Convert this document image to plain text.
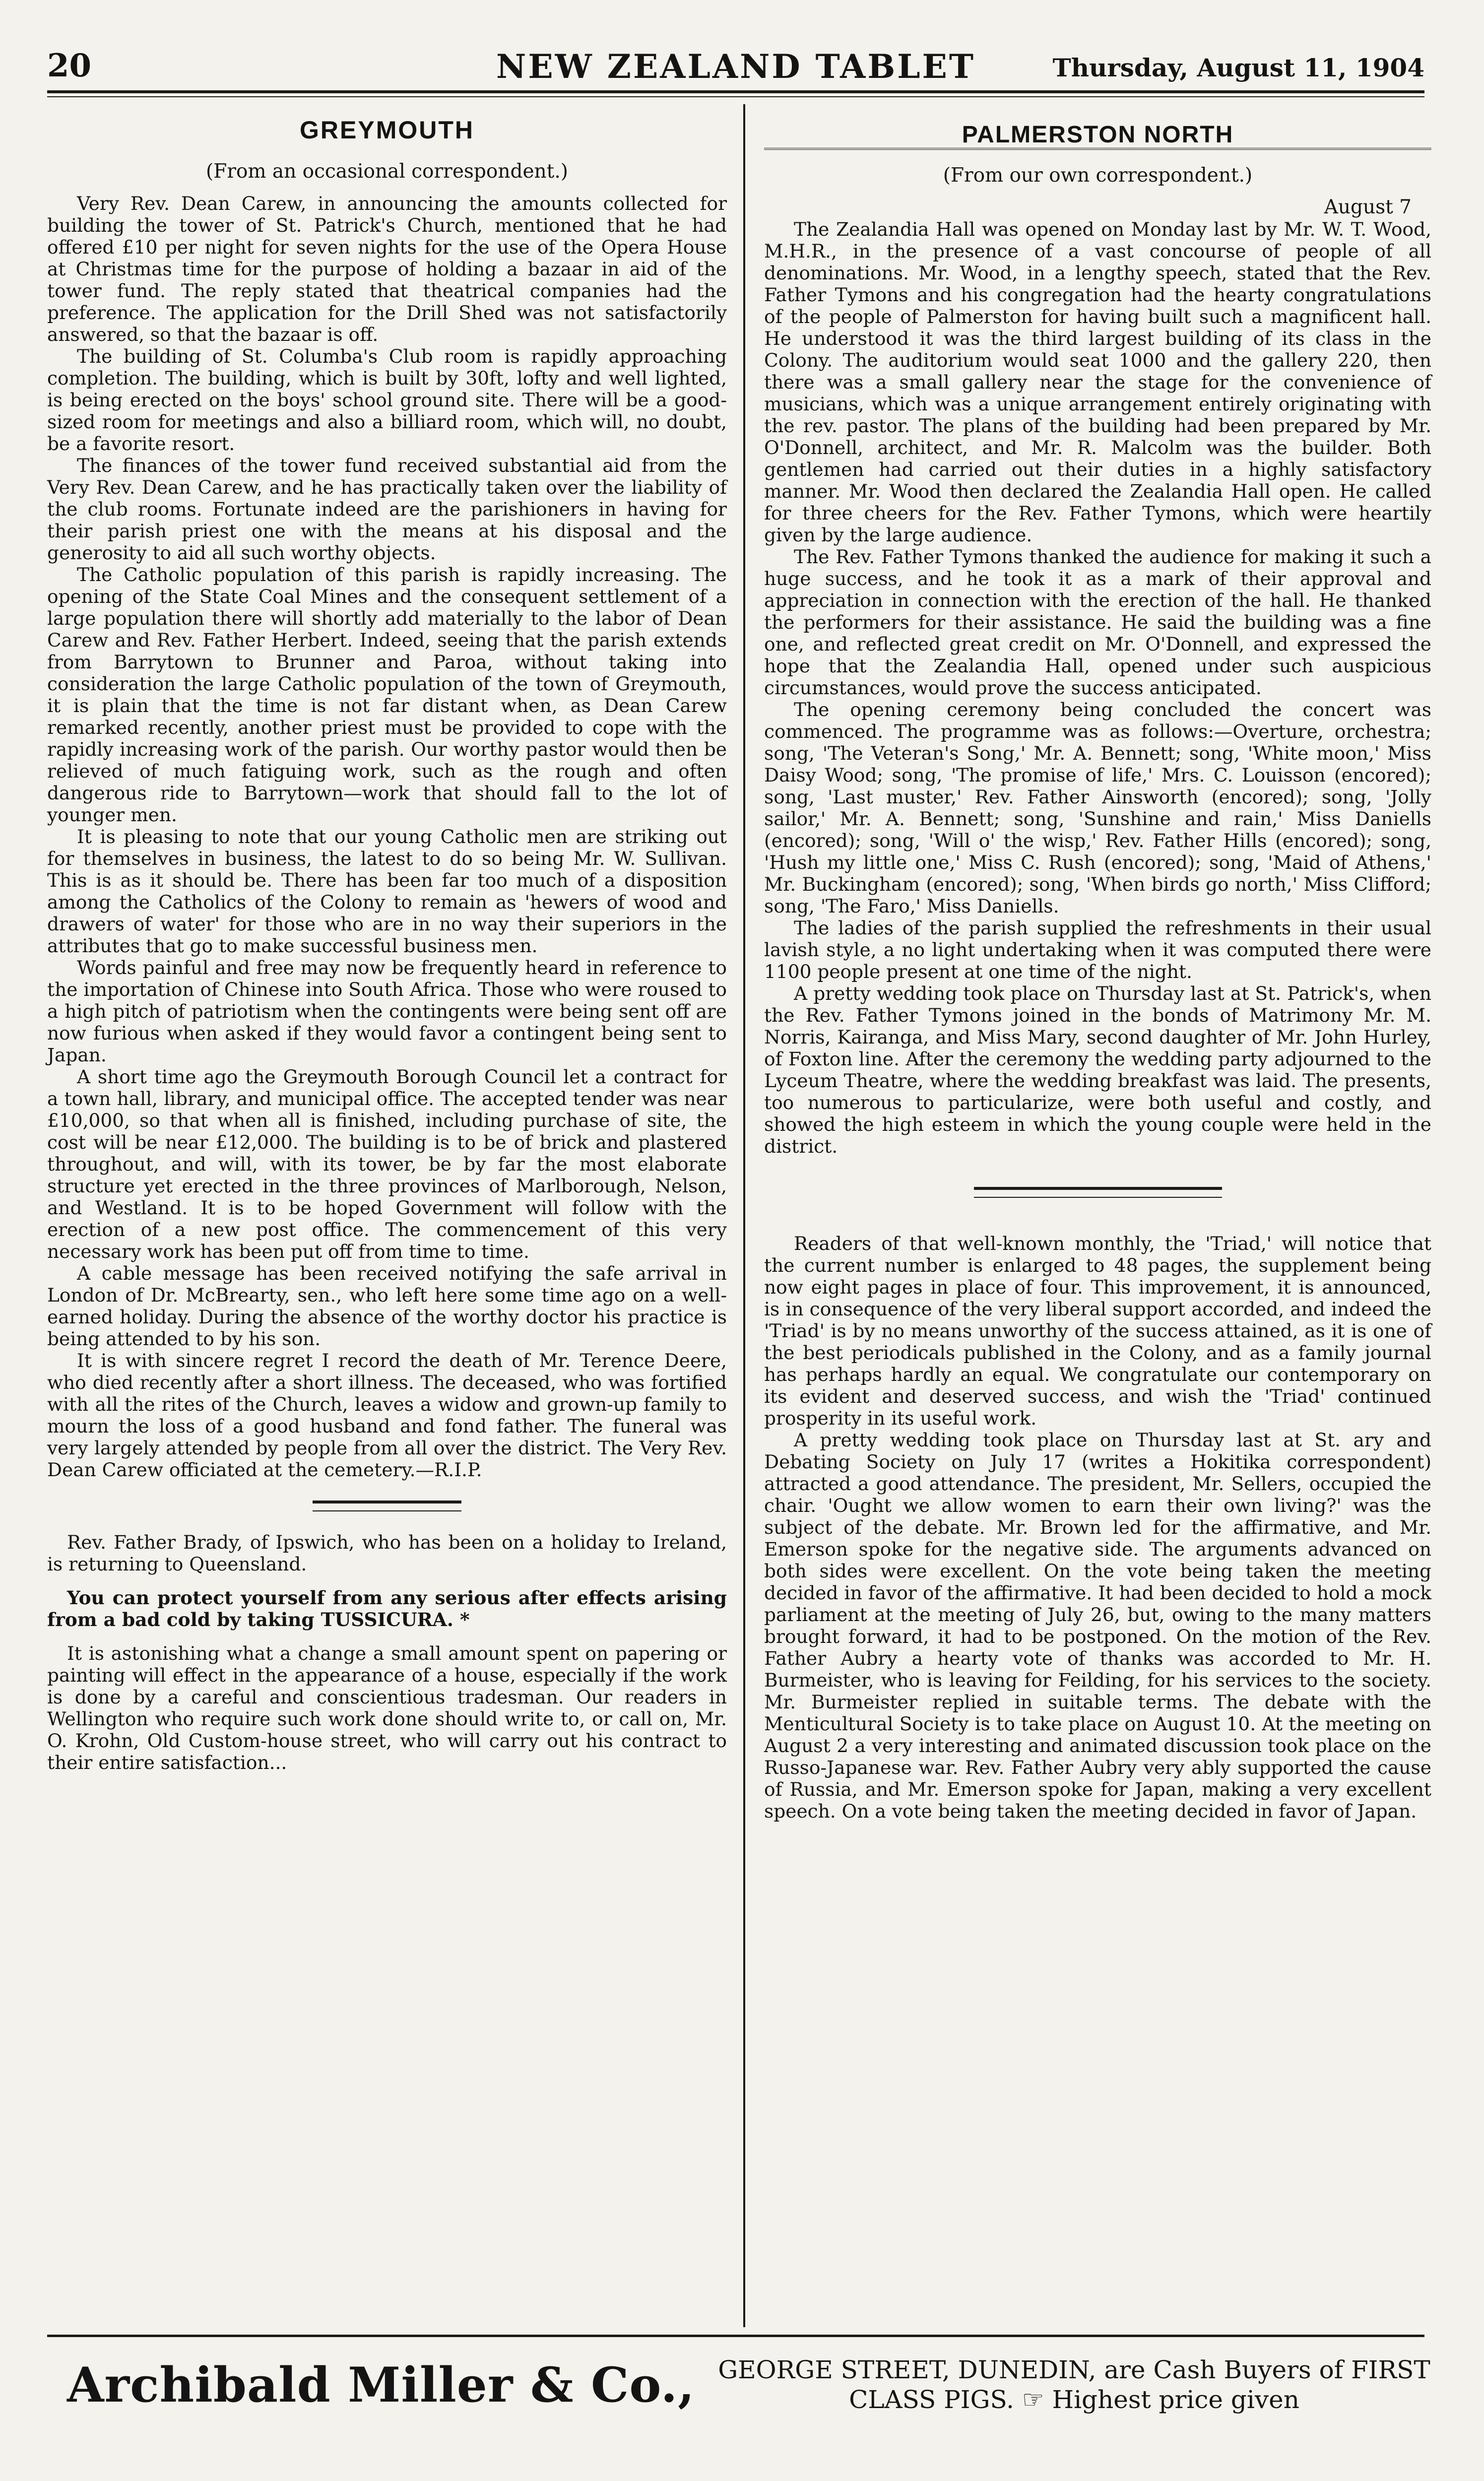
20	NEW ZEALAND TABLET	Thursday, August 11, 1904
GREYMOUTH
(From an occasional correspondent.)

Very Rev. Dean Carew, in announcing the amounts collected for building the tower of St. Patrick's Church, mentioned that he had offered £10 per night for seven nights for the use of the Opera House at Christmas time for the purpose of holding a bazaar in aid of the tower fund. The reply stated that theatrical companies had the preference. The application for the Drill Shed was not satisfactorily answered, so that the bazaar is off.

The building of St. Columba's Club room is rapidly approaching completion. The building, which is built by 30ft, lofty and well lighted, is being erected on the boys' school ground site. There will be a good-sized room for meetings and also a billiard room, which will, no doubt, be a favorite resort.

The finances of the tower fund received substantial aid from the Very Rev. Dean Carew, and he has practically taken over the liability of the club rooms. Fortunate indeed are the parishioners in having for their parish priest one with the means at his disposal and the generosity to aid all such worthy objects.

The Catholic population of this parish is rapidly increasing. The opening of the State Coal Mines and the consequent settlement of a large population there will shortly add materially to the labor of Dean Carew and Rev. Father Herbert. Indeed, seeing that the parish extends from Barrytown to Brunner and Paroa, without taking into consideration the large Catholic population of the town of Greymouth, it is plain that the time is not far distant when, as Dean Carew remarked recently, another priest must be provided to cope with the rapidly increasing work of the parish. Our worthy pastor would then be relieved of much fatiguing work, such as the rough and often dangerous ride to Barrytown—work that should fall to the lot of younger men.

It is pleasing to note that our young Catholic men are striking out for themselves in business, the latest to do so being Mr. W. Sullivan. This is as it should be. There has been far too much of a disposition among the Catholics of the Colony to remain as 'hewers of wood and drawers of water' for those who are in no way their superiors in the attributes that go to make successful business men.

Words painful and free may now be frequently heard in reference to the importation of Chinese into South Africa. Those who were roused to a high pitch of patriotism when the contingents were being sent off are now furious when asked if they would favor a contingent being sent to Japan.

A short time ago the Greymouth Borough Council let a contract for a town hall, library, and municipal office. The accepted tender was near £10,000, so that when all is finished, including purchase of site, the cost will be near £12,000. The building is to be of brick and plastered throughout, and will, with its tower, be by far the most elaborate structure yet erected in the three provinces of Marlborough, Nelson, and Westland. It is to be hoped Government will follow with the erection of a new post office. The commencement of this very necessary work has been put off from time to time.

A cable message has been received notifying the safe arrival in London of Dr. McBrearty, sen., who left here some time ago on a well-earned holiday. During the absence of the worthy doctor his practice is being attended to by his son.

It is with sincere regret I record the death of Mr. Terence Deere, who died recently after a short illness. The deceased, who was fortified with all the rites of the Church, leaves a widow and grown-up family to mourn the loss of a good husband and fond father. The funeral was very largely attended by people from all over the district. The Very Rev. Dean Carew officiated at the cemetery.—R.I.P.

Rev. Father Brady, of Ipswich, who has been on a holiday to Ireland, is returning to Queensland.

You can protect yourself from any serious after effects arising from a bad cold by taking TUSSICURA. *

It is astonishing what a change a small amount spent on papering or painting will effect in the appearance of a house, especially if the work is done by a careful and conscientious tradesman. Our readers in Wellington who require such work done should write to, or call on, Mr. O. Krohn, Old Custom-house street, who will carry out his contract to their entire satisfaction...

PALMERSTON NORTH
(From our own correspondent.)
August 7

The Zealandia Hall was opened on Monday last by Mr. W. T. Wood, M.H.R., in the presence of a vast concourse of people of all denominations. Mr. Wood, in a lengthy speech, stated that the Rev. Father Tymons and his congregation had the hearty congratulations of the people of Palmerston for having built such a magnificent hall. He understood it was the third largest building of its class in the Colony. The auditorium would seat 1000 and the gallery 220, then there was a small gallery near the stage for the convenience of musicians, which was a unique arrangement entirely originating with the rev. pastor. The plans of the building had been prepared by Mr. O'Donnell, architect, and Mr. R. Malcolm was the builder. Both gentlemen had carried out their duties in a highly satisfactory manner. Mr. Wood then declared the Zealandia Hall open. He called for three cheers for the Rev. Father Tymons, which were heartily given by the large audience.

The Rev. Father Tymons thanked the audience for making it such a huge success, and he took it as a mark of their approval and appreciation in connection with the erection of the hall. He thanked the performers for their assistance. He said the building was a fine one, and reflected great credit on Mr. O'Donnell, and expressed the hope that the Zealandia Hall, opened under such auspicious circumstances, would prove the success anticipated.

The opening ceremony being concluded the concert was commenced. The programme was as follows:—Overture, orchestra; song, 'The Veteran's Song,' Mr. A. Bennett; song, 'White moon,' Miss Daisy Wood; song, 'The promise of life,' Mrs. C. Louisson (encored); song, 'Last muster,' Rev. Father Ainsworth (encored); song, 'Jolly sailor,' Mr. A. Bennett; song, 'Sunshine and rain,' Miss Daniells (encored); song, 'Will o' the wisp,' Rev. Father Hills (encored); song, 'Hush my little one,' Miss C. Rush (encored); song, 'Maid of Athens,' Mr. Buckingham (encored); song, 'When birds go north,' Miss Clifford; song, 'The Faro,' Miss Daniells.

The ladies of the parish supplied the refreshments in their usual lavish style, a no light undertaking when it was computed there were 1100 people present at one time of the night.

A pretty wedding took place on Thursday last at St. Patrick's, when the Rev. Father Tymons joined in the bonds of Matrimony Mr. M. Norris, Kairanga, and Miss Mary, second daughter of Mr. John Hurley, of Foxton line. After the ceremony the wedding party adjourned to the Lyceum Theatre, where the wedding breakfast was laid. The presents, too numerous to particularize, were both useful and costly, and showed the high esteem in which the young couple were held in the district.

Readers of that well-known monthly, the 'Triad,' will notice that the current number is enlarged to 48 pages, the supplement being now eight pages in place of four. This improvement, it is announced, is in consequence of the very liberal support accorded, and indeed the 'Triad' is by no means unworthy of the success attained, as it is one of the best periodicals published in the Colony, and as a family journal has perhaps hardly an equal. We congratulate our contemporary on its evident and deserved success, and wish the 'Triad' continued prosperity in its useful work.

A pretty wedding took place on Thursday last at St. ary and Debating Society on July 17 (writes a Hokitika correspondent) attracted a good attendance. The president, Mr. Sellers, occupied the chair. 'Ought we allow women to earn their own living?' was the subject of the debate. Mr. Brown led for the affirmative, and Mr. Emerson spoke for the negative side. The arguments advanced on both sides were excellent. On the vote being taken the meeting decided in favor of the affirmative. It had been decided to hold a mock parliament at the meeting of July 26, but, owing to the many matters brought forward, it had to be postponed. On the motion of the Rev. Father Aubry a hearty vote of thanks was accorded to Mr. H. Burmeister, who is leaving for Feilding, for his services to the society. Mr. Burmeister replied in suitable terms. The debate with the Menticultural Society is to take place on August 10. At the meeting on August 2 a very interesting and animated discussion took place on the Russo-Japanese war. Rev. Father Aubry very ably supported the cause of Russia, and Mr. Emerson spoke for Japan, making a very excellent speech. On a vote being taken the meeting decided in favor of Japan.

Archibald Miller & Co., GEORGE STREET, DUNEDIN, are Cash Buyers of FIRST
CLASS PIGS. ☞ Highest price given
